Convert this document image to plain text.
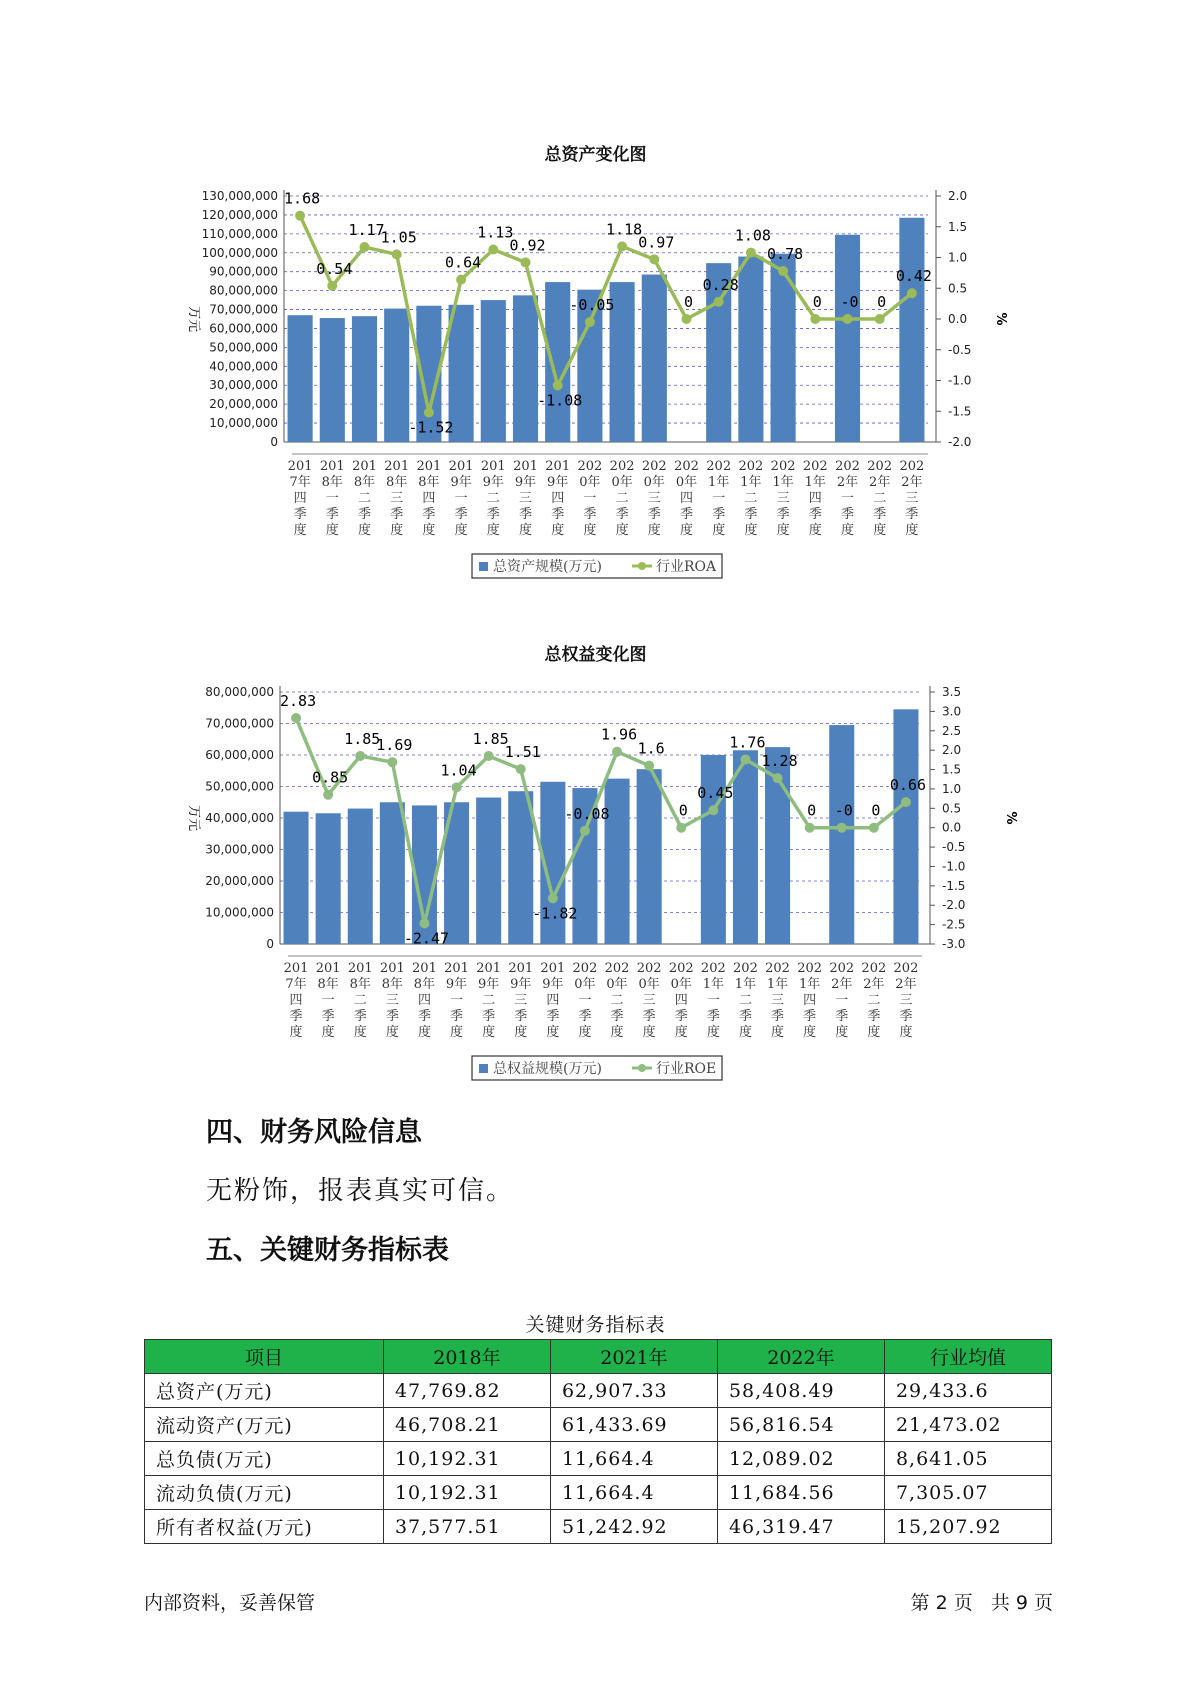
总资产变化图
0
10,000,000
20,000,000
30,000,000
40,000,000
50,000,000
60,000,000
70,000,000
80,000,000
90,000,000
100,000,000
110,000,000
120,000,000
130,000,000
-2.0
-1.5
-1.0
-0.5
0.0
0.5
1.0
1.5
2.0
万元	%
1.68
0.54
1.17
1.05
-1.52
0.64
1.13
0.92
-1.08
-0.05
1.18
0.97
0
0.28
1.08
0.78
0 -0 0
0.42
201
7年
四
季
度
201
8年
一
季
度
201
8年
二
季
度
201
8年
三
季
度
201
8年
四
季
度
201
9年
一
季
度
201
9年
二
季
度
201
9年
三
季
度
201
9年
四
季
度
202
0年
一
季
度
202
0年
二
季
度
202
0年
三
季
度
202
0年
四
季
度
202
1年
一
季
度
202
1年
二
季
度
202
1年
三
季
度
202
1年
四
季
度
202
2年
一
季
度
202
2年
二
季
度
202
2年
三
季
度
总资产规模(万元)	行业ROA
总权益变化图
0
10,000,000
20,000,000
30,000,000
40,000,000
50,000,000
60,000,000
70,000,000
80,000,000
-3.0
-2.5
-2.0
-1.5
-1.0
-0.5
0.0
0.5
1.0
1.5
2.0
2.5
3.0
3.5
万元	%
2.83
0.85
1.85
1.69
-2.47
1.04
1.85
1.51
-1.82
-0.08
1.96
1.6
0
0.45
1.76
1.28
0 -0 0
0.66
201
7年
四
季
度
201
8年
一
季
度
201
8年
二
季
度
201
8年
三
季
度
201
8年
四
季
度
201
9年
一
季
度
201
9年
二
季
度
201
9年
三
季
度
201
9年
四
季
度
202
0年
一
季
度
202
0年
二
季
度
202
0年
三
季
度
202
0年
四
季
度
202
1年
一
季
度
202
1年
二
季
度
202
1年
三
季
度
202
1年
四
季
度
202
2年
一
季
度
202
2年
二
季
度
202
2年
三
季
度
总权益规模(万元)	行业ROE
四、财务风险信息
无粉饰，报表真实可信。
五、关键财务指标表
关键财务指标表
项目	2018年	2021年	2022年	行业均值
总资产(万元)	47,769.82	62,907.33	58,408.49	29,433.6
流动资产(万元)	46,708.21	61,433.69	56,816.54	21,473.02
总负债(万元)	10,192.31	11,664.4	12,089.02	8,641.05
流动负债(万元)	10,192.31	11,664.4	11,684.56	7,305.07
所有者权益(万元)	37,577.51	51,242.92	46,319.47	15,207.92
内部资料，妥善保管	第 2 页   共 9 页
